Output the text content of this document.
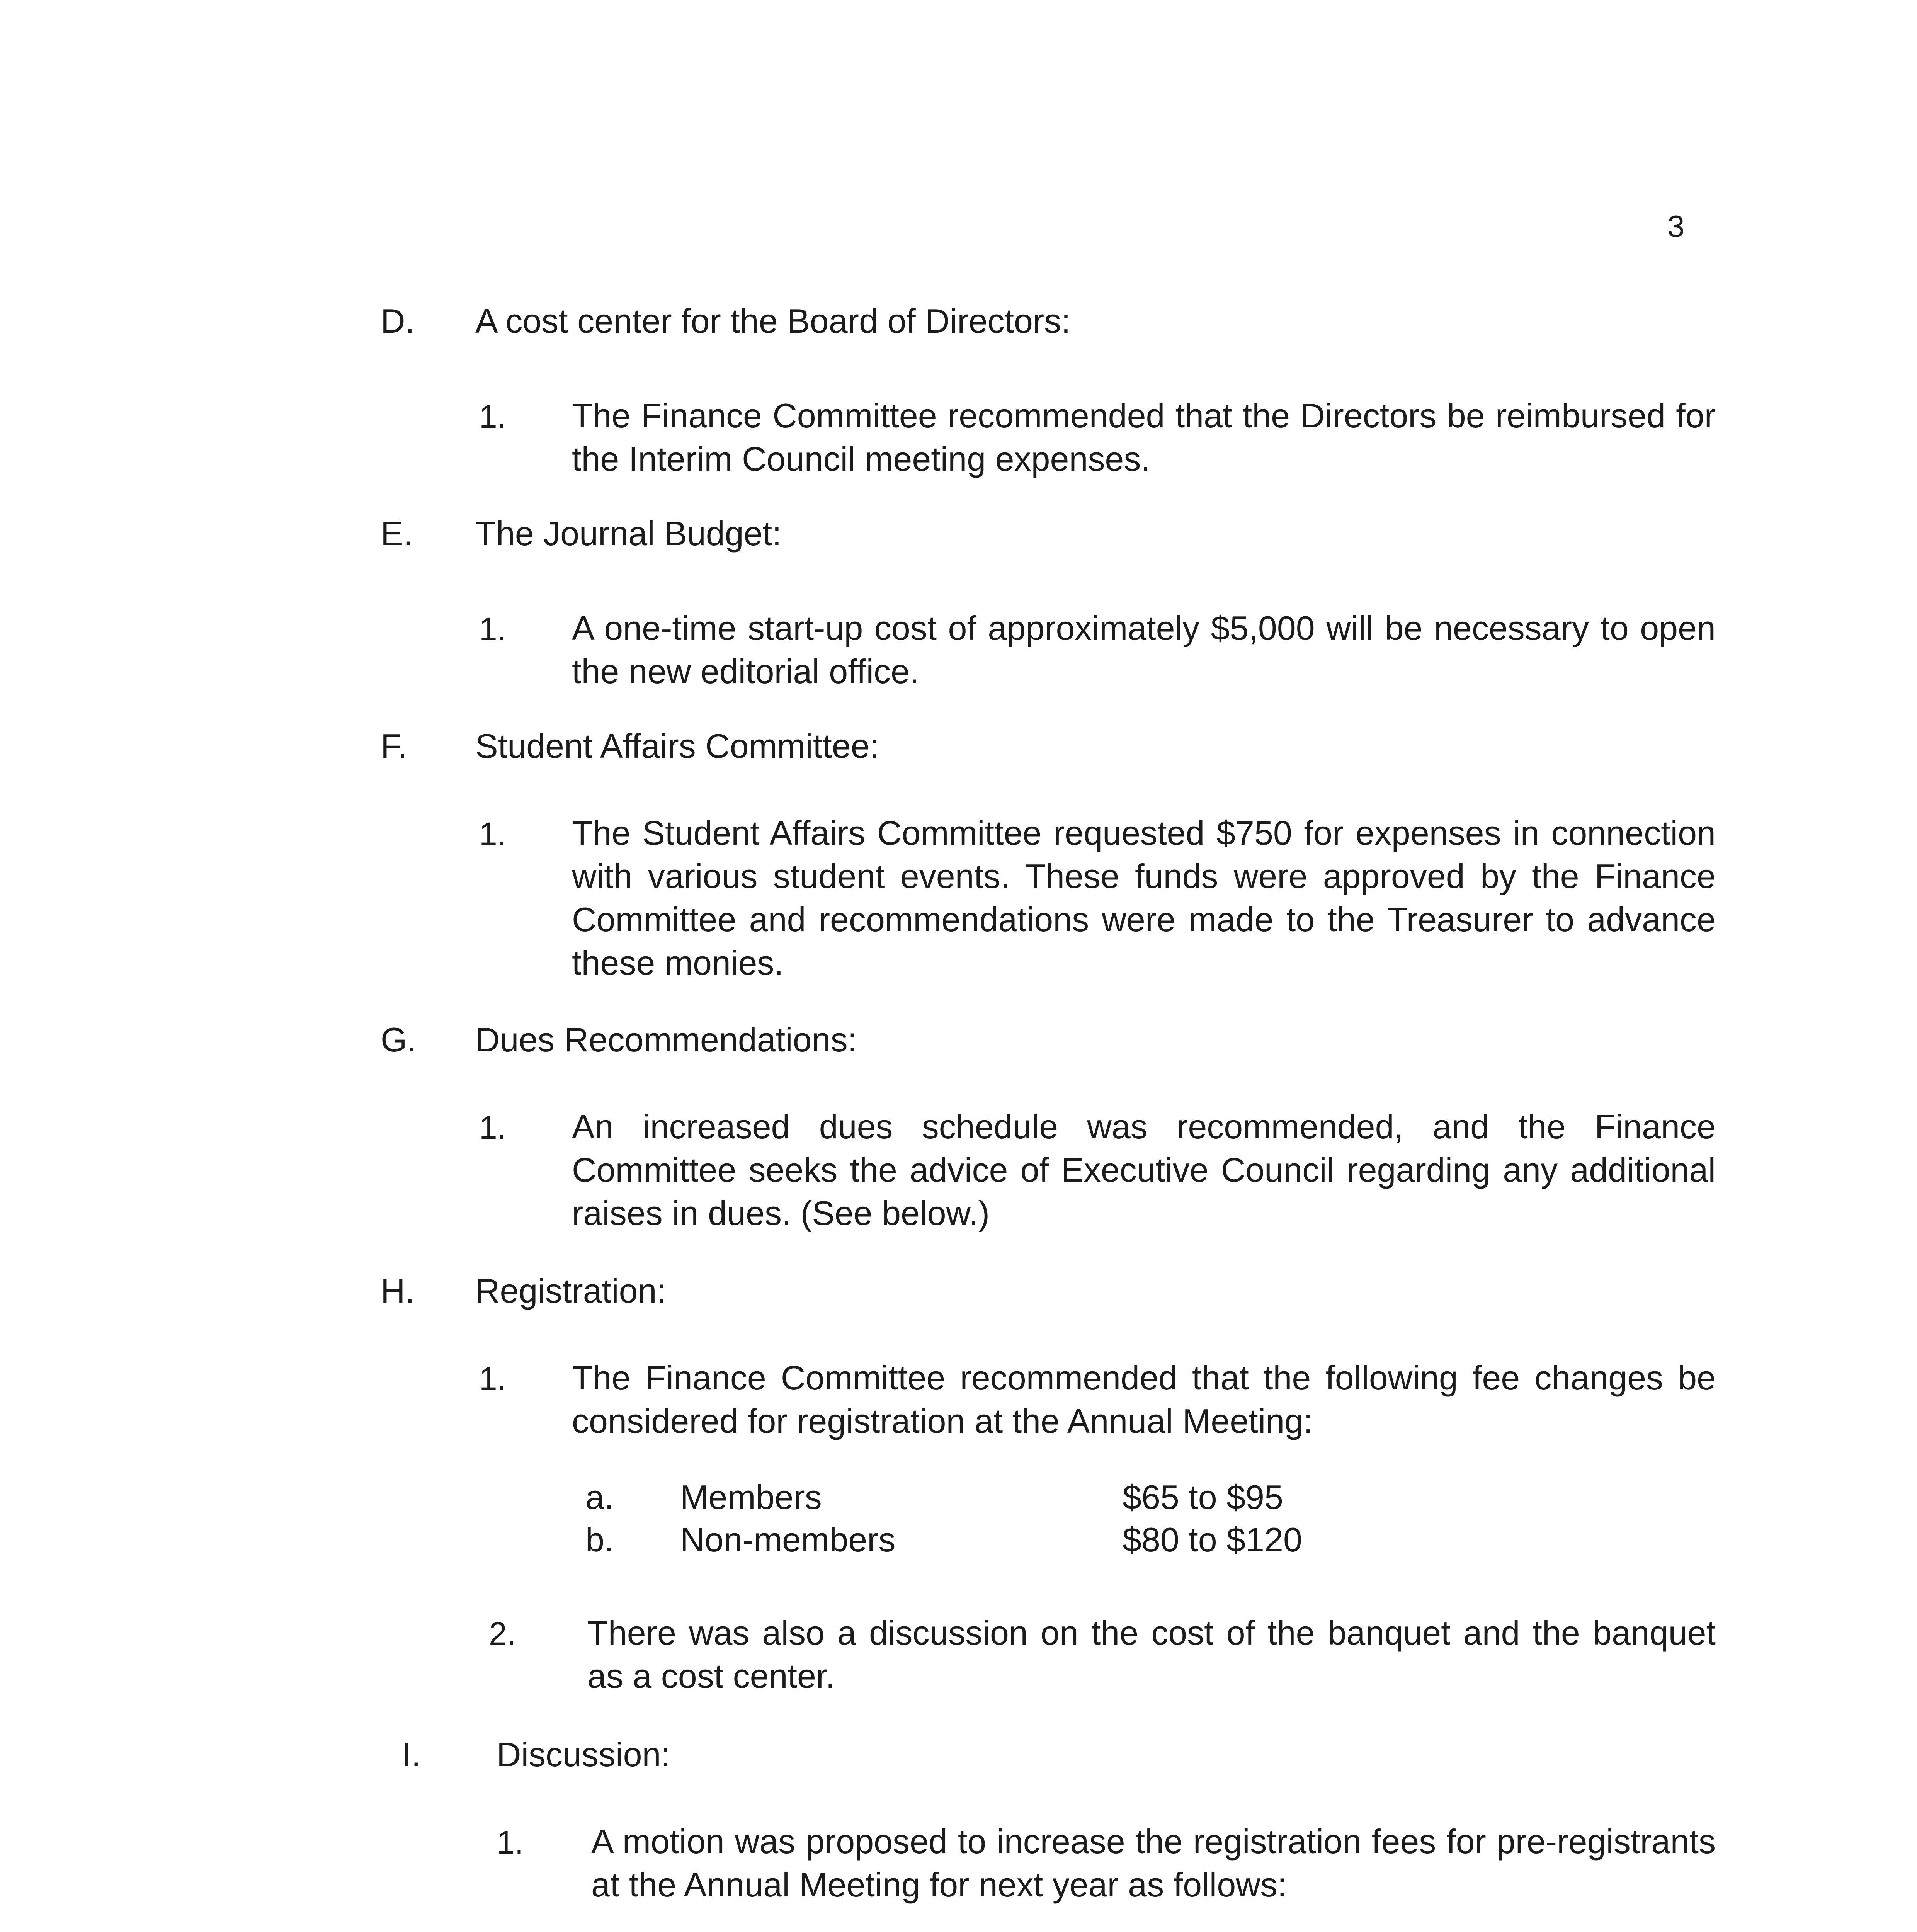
3
D. A cost center for the Board of Directors:
1. The Finance Committee recommended that the Directors be reimbursed for the Interim Council meeting expenses.
E. The Journal Budget:
1. A one-time start-up cost of approximately $5,000 will be necessary to open the new editorial office.
F. Student Affairs Committee:
1. The Student Affairs Committee requested $750 for expenses in connection with various student events. These funds were approved by the Finance Committee and recommendations were made to the Treasurer to advance these monies.
G. Dues Recommendations:
1. An increased dues schedule was recommended, and the Finance Committee seeks the advice of Executive Council regarding any additional raises in dues. (See below.)
H. Registration:
1. The Finance Committee recommended that the following fee changes be considered for registration at the Annual Meeting:
a. Members	$65 to $95
b. Non-members	$80 to $120
2. There was also a discussion on the cost of the banquet and the banquet as a cost center.
I. Discussion:
1. A motion was proposed to increase the registration fees for pre-registrants at the Annual Meeting for next year as follows:
